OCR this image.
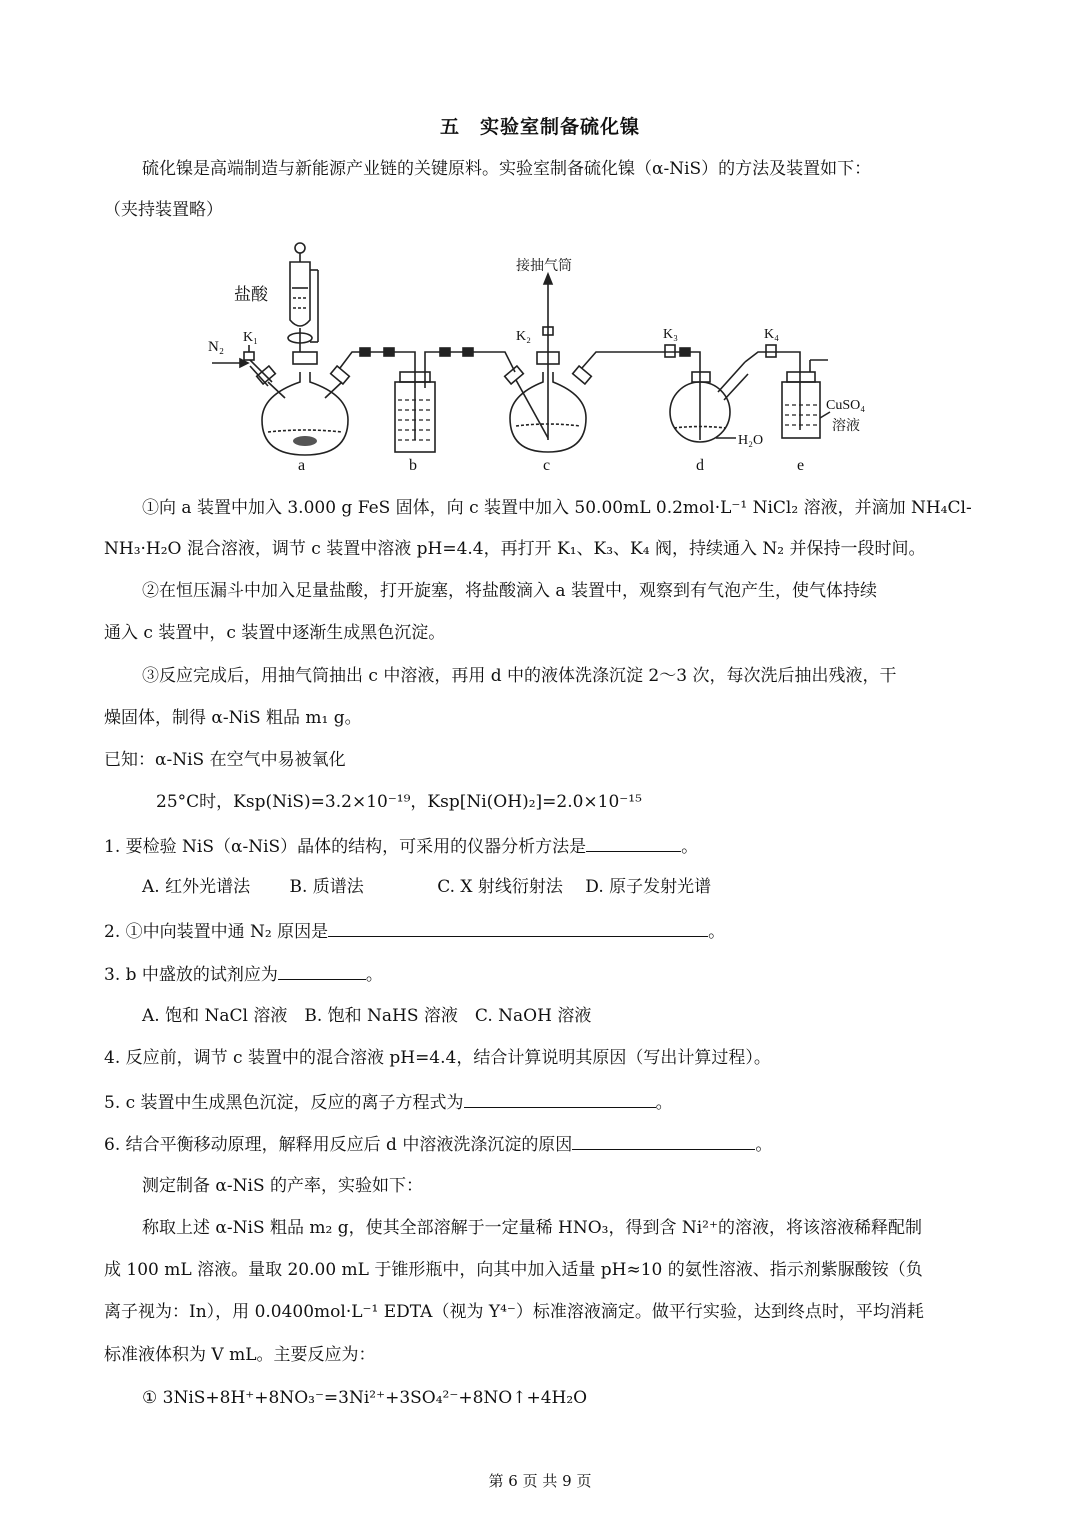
五　实验室制备硫化镍
硫化镍是高端制造与新能源产业链的关键原料。实验室制备硫化镍（α-NiS）的方法及装置如下：
（夹持装置略）
盐酸
N₂
K₁	K₂	K₃	K₄
接抽气筒
H₂O
CuSO₄
溶液
a	b	c	d	e
①向 a 装置中加入 3.000 g FeS 固体，向 c 装置中加入 50.00mL 0.2mol·L⁻¹ NiCl₂ 溶液，并滴加 NH₄Cl-
NH₃·H₂O 混合溶液，调节 c 装置中溶液 pH=4.4，再打开 K₁、K₃、K₄ 阀，持续通入 N₂ 并保持一段时间。
②在恒压漏斗中加入足量盐酸，打开旋塞，将盐酸滴入 a 装置中，观察到有气泡产生，使气体持续
通入 c 装置中，c 装置中逐渐生成黑色沉淀。
③反应完成后，用抽气筒抽出 c 中溶液，再用 d 中的液体洗涤沉淀 2～3 次，每次洗后抽出残液，干
燥固体，制得 α-NiS 粗品 m₁ g。
已知：α-NiS 在空气中易被氧化
25°C时，Ksp(NiS)=3.2×10⁻¹⁹，Ksp[Ni(OH)₂]=2.0×10⁻¹⁵
1. 要检验 NiS（α-NiS）晶体的结构，可采用的仪器分析方法是	。
A. 红外光谱法　　 B. 质谱法　　　　 C. X 射线衍射法　 D. 原子发射光谱
2. ①中向装置中通 N₂ 原因是	。
3. b 中盛放的试剂应为	。
A. 饱和 NaCl 溶液　B. 饱和 NaHS 溶液　C. NaOH 溶液
4. 反应前，调节 c 装置中的混合溶液 pH=4.4，结合计算说明其原因（写出计算过程）。
5. c 装置中生成黑色沉淀，反应的离子方程式为	。
6. 结合平衡移动原理，解释用反应后 d 中溶液洗涤沉淀的原因	。
测定制备 α-NiS 的产率，实验如下：
称取上述 α-NiS 粗品 m₂ g，使其全部溶解于一定量稀 HNO₃，得到含 Ni²⁺的溶液，将该溶液稀释配制
成 100 mL 溶液。量取 20.00 mL 于锥形瓶中，向其中加入适量 pH≈10 的氨性溶液、指示剂紫脲酸铵（负
离子视为：In），用 0.0400mol·L⁻¹ EDTA（视为 Y⁴⁻）标准溶液滴定。做平行实验，达到终点时，平均消耗
标准液体积为 V mL。主要反应为：
① 3NiS+8H⁺+8NO₃⁻=3Ni²⁺+3SO₄²⁻+8NO↑+4H₂O
第 6 页 共 9 页
